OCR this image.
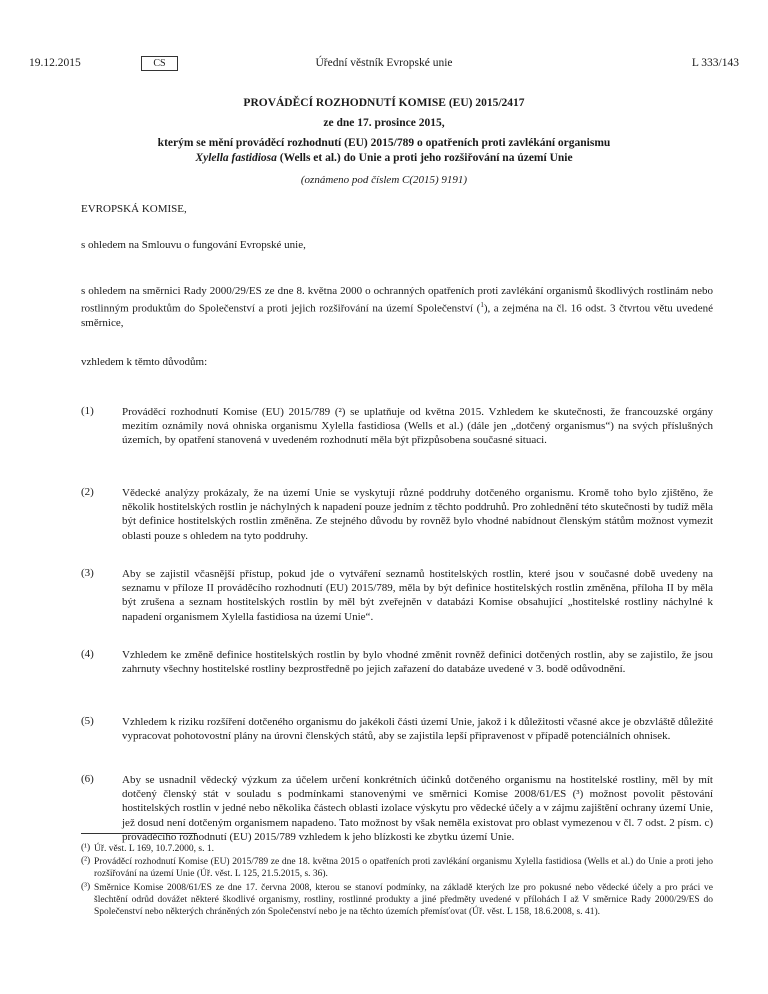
19.12.2015	CS	Úřední věstník Evropské unie	L 333/143
PROVÁDĚCÍ ROZHODNUTÍ KOMISE (EU) 2015/2417
ze dne 17. prosince 2015,
kterým se mění prováděcí rozhodnutí (EU) 2015/789 o opatřeních proti zavlékání organismu
Xylella fastidiosa (Wells et al.) do Unie a proti jeho rozšiřování na území Unie
(oznámeno pod číslem C(2015) 9191)
EVROPSKÁ KOMISE,
s ohledem na Smlouvu o fungování Evropské unie,
s ohledem na směrnici Rady 2000/29/ES ze dne 8. května 2000 o ochranných opatřeních proti zavlékání organismů škodlivých rostlinám nebo rostlinným produktům do Společenství a proti jejich rozšiřování na území Společenství ($^1$), a zejména na čl. 16 odst. 3 čtvrtou větu uvedené směrnice,
vzhledem k těmto důvodům:
(1)	Prováděcí rozhodnutí Komise (EU) 2015/789 (²) se uplatňuje od května 2015. Vzhledem ke skutečnosti, že francouzské orgány mezitím oznámily nová ohniska organismu Xylella fastidiosa (Wells et al.) (dále jen „dotčený organismus“) na svých příslušných územích, by opatření stanovená v uvedeném rozhodnutí měla být přizpůsobena současné situaci.
(2)	Vědecké analýzy prokázaly, že na území Unie se vyskytují různé poddruhy dotčeného organismu. Kromě toho bylo zjištěno, že několik hostitelských rostlin je náchylných k napadení pouze jedním z těchto poddruhů. Pro zohlednění této skutečnosti by tudíž měla být definice hostitelských rostlin změněna. Ze stejného důvodu by rovněž bylo vhodné nabídnout členským státům možnost vymezit oblasti pouze s ohledem na tyto poddruhy.
(3)	Aby se zajistil včasnější přístup, pokud jde o vytváření seznamů hostitelských rostlin, které jsou v současné době uvedeny na seznamu v příloze II prováděcího rozhodnutí (EU) 2015/789, měla by být definice hostitelských rostlin změněna, příloha II by měla být zrušena a seznam hostitelských rostlin by měl být zveřejněn v databázi Komise obsahující „hostitelské rostliny náchylné k napadení organismem Xylella fastidiosa na území Unie“.
(4)	Vzhledem ke změně definice hostitelských rostlin by bylo vhodné změnit rovněž definici dotčených rostlin, aby se zajistilo, že jsou zahrnuty všechny hostitelské rostliny bezprostředně po jejich zařazení do databáze uvedené v 3. bodě odůvodnění.
(5)	Vzhledem k riziku rozšíření dotčeného organismu do jakékoli části území Unie, jakož i k důležitosti včasné akce je obzvláště důležité vypracovat pohotovostní plány na úrovni členských států, aby se zajistila lepší připravenost v případě potenciálních ohnisek.
(6)	Aby se usnadnil vědecký výzkum za účelem určení konkrétních účinků dotčeného organismu na hostitelské rostliny, měl by mít dotčený členský stát v souladu s podmínkami stanovenými ve směrnici Komise 2008/61/ES (³) možnost povolit pěstování hostitelských rostlin v jedné nebo několika částech oblasti izolace výskytu pro vědecké účely a v zájmu zajištění ochrany území Unie, jež dosud není dotčeným organismem napadeno. Tato možnost by však neměla existovat pro oblast vymezenou v čl. 7 odst. 2 písm. c) prováděcího rozhodnutí (EU) 2015/789 vzhledem k jeho blízkosti ke zbytku území Unie.
(¹) Úř. věst. L 169, 10.7.2000, s. 1.
(²) Prováděcí rozhodnutí Komise (EU) 2015/789 ze dne 18. května 2015 o opatřeních proti zavlékání organismu Xylella fastidiosa (Wells et al.) do Unie a proti jeho rozšiřování na území Unie (Úř. věst. L 125, 21.5.2015, s. 36).
(³) Směrnice Komise 2008/61/ES ze dne 17. června 2008, kterou se stanoví podmínky, na základě kterých lze pro pokusné nebo vědecké účely a pro práci ve šlechtění odrůd dovážet některé škodlivé organismy, rostliny, rostlinné produkty a jiné předměty uvedené v přílohách I až V směrnice Rady 2000/29/ES do Společenství nebo některých chráněných zón Společenství nebo je na těchto územích přemísťovat (Úř. věst. L 158, 18.6.2008, s. 41).
